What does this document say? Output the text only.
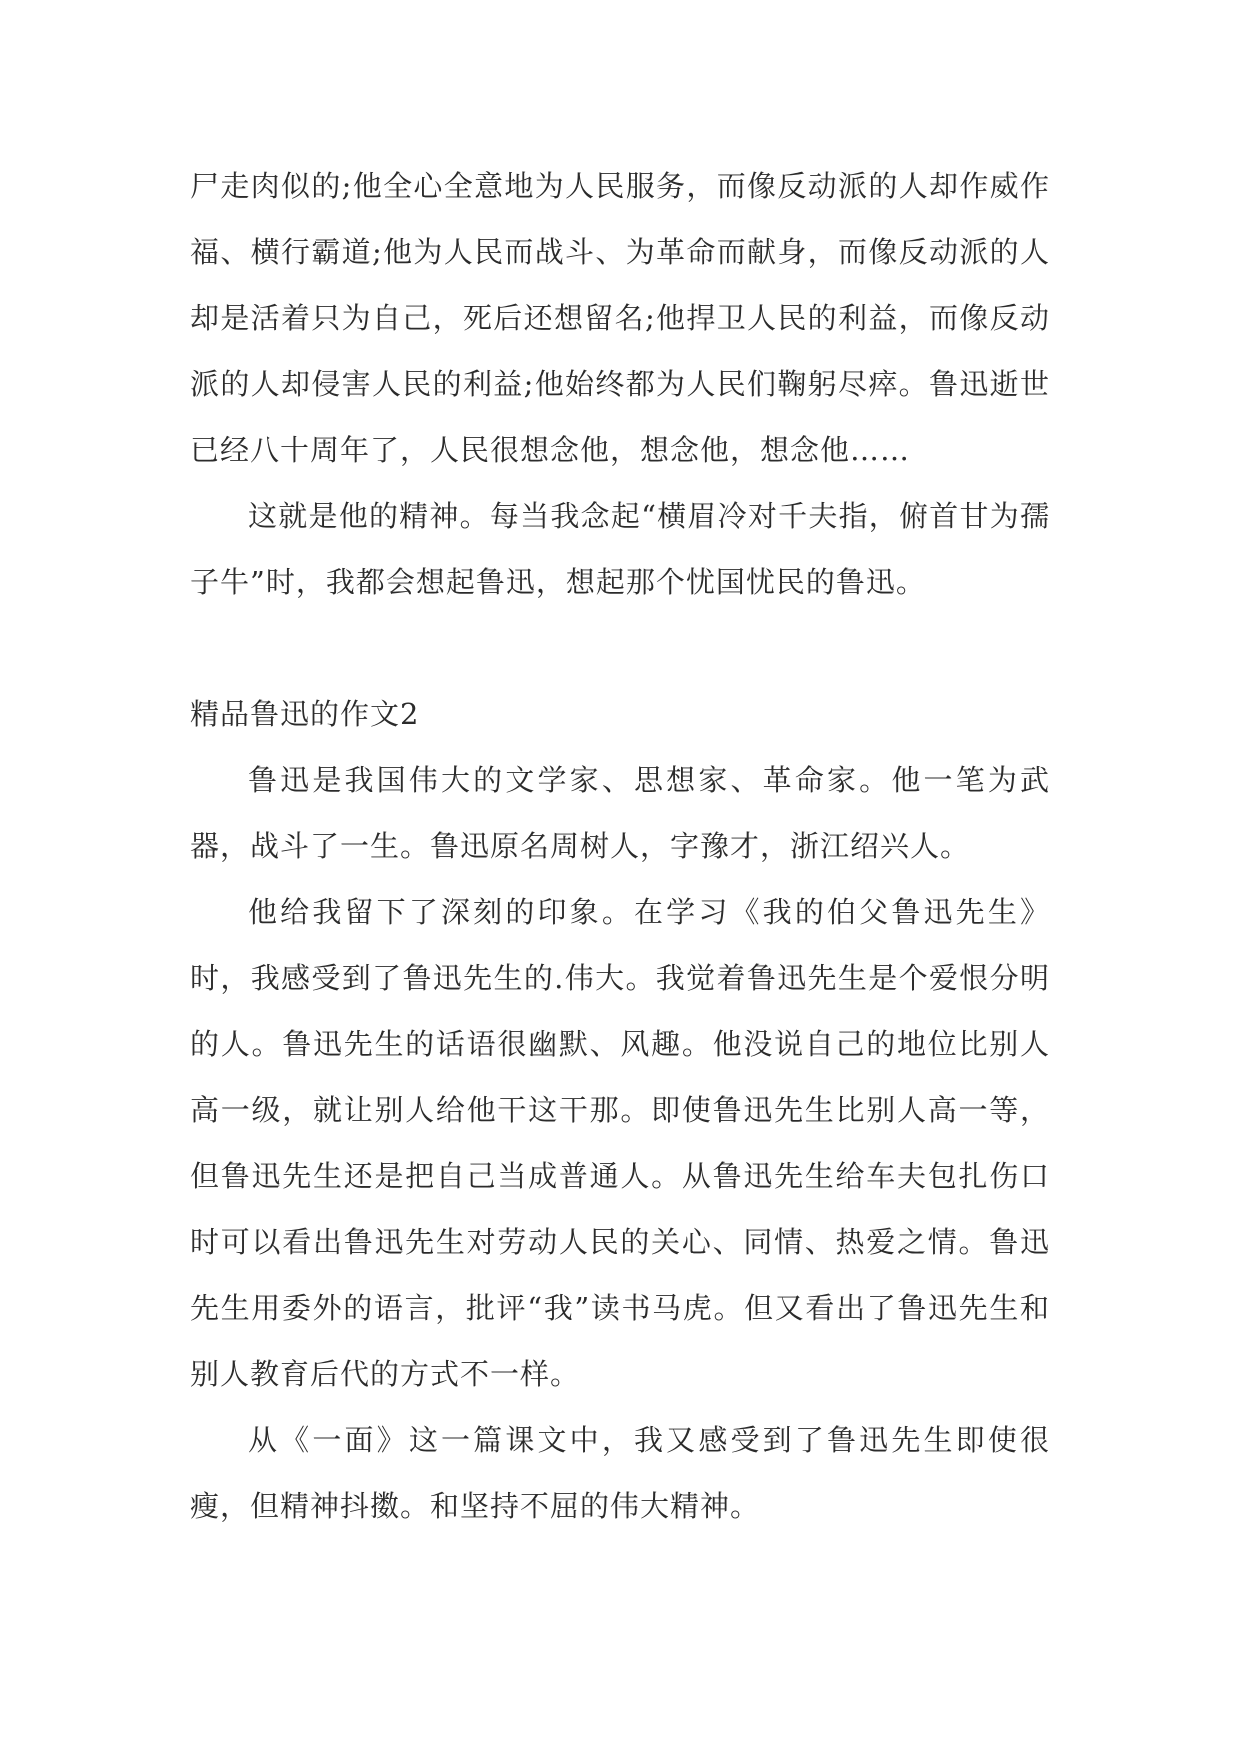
尸走肉似的;他全心全意地为人民服务，而像反动派的人却作威作福、横行霸道;他为人民而战斗、为革命而献身，而像反动派的人却是活着只为自己，死后还想留名;他捍卫人民的利益，而像反动派的人却侵害人民的利益;他始终都为人民们鞠躬尽瘁。鲁迅逝世已经八十周年了，人民很想念他，想念他，想念他……

这就是他的精神。每当我念起“横眉冷对千夫指，俯首甘为孺子牛”时，我都会想起鲁迅，想起那个忧国忧民的鲁迅。

精品鲁迅的作文2

鲁迅是我国伟大的文学家、思想家、革命家。他一笔为武器，战斗了一生。鲁迅原名周树人，字豫才，浙江绍兴人。

他给我留下了深刻的印象。在学习《我的伯父鲁迅先生》时，我感受到了鲁迅先生的.伟大。我觉着鲁迅先生是个爱恨分明的人。鲁迅先生的话语很幽默、风趣。他没说自己的地位比别人高一级，就让别人给他干这干那。即使鲁迅先生比别人高一等，但鲁迅先生还是把自己当成普通人。从鲁迅先生给车夫包扎伤口时可以看出鲁迅先生对劳动人民的关心、同情、热爱之情。鲁迅先生用委外的语言，批评“我”读书马虎。但又看出了鲁迅先生和别人教育后代的方式不一样。

从《一面》这一篇课文中，我又感受到了鲁迅先生即使很瘦，但精神抖擞。和坚持不屈的伟大精神。
